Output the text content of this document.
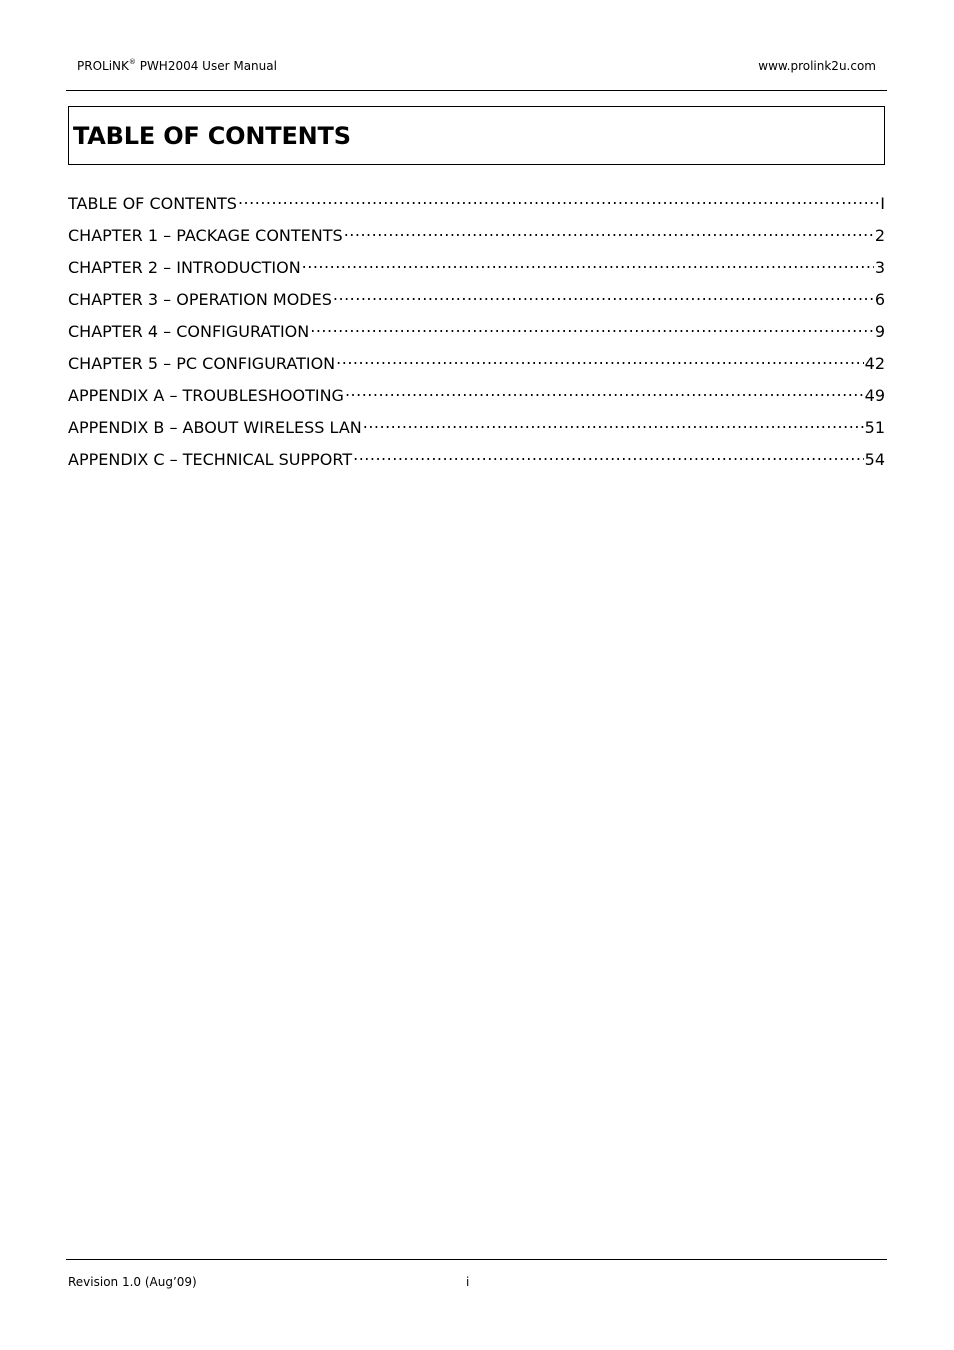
PROLiNK® PWH2004 User Manual	www.prolink2u.com
TABLE OF CONTENTS
TABLE OF CONTENTS .....	I
CHAPTER 1 – PACKAGE CONTENTS .....	2
CHAPTER 2 – INTRODUCTION .....	3
CHAPTER 3 – OPERATION MODES .....	6
CHAPTER 4 – CONFIGURATION .....	9
CHAPTER 5 – PC CONFIGURATION .....	42
APPENDIX A – TROUBLESHOOTING .....	49
APPENDIX B – ABOUT WIRELESS LAN .....	51
APPENDIX C – TECHNICAL SUPPORT .....	54
Revision 1.0 (Aug’09)	i
